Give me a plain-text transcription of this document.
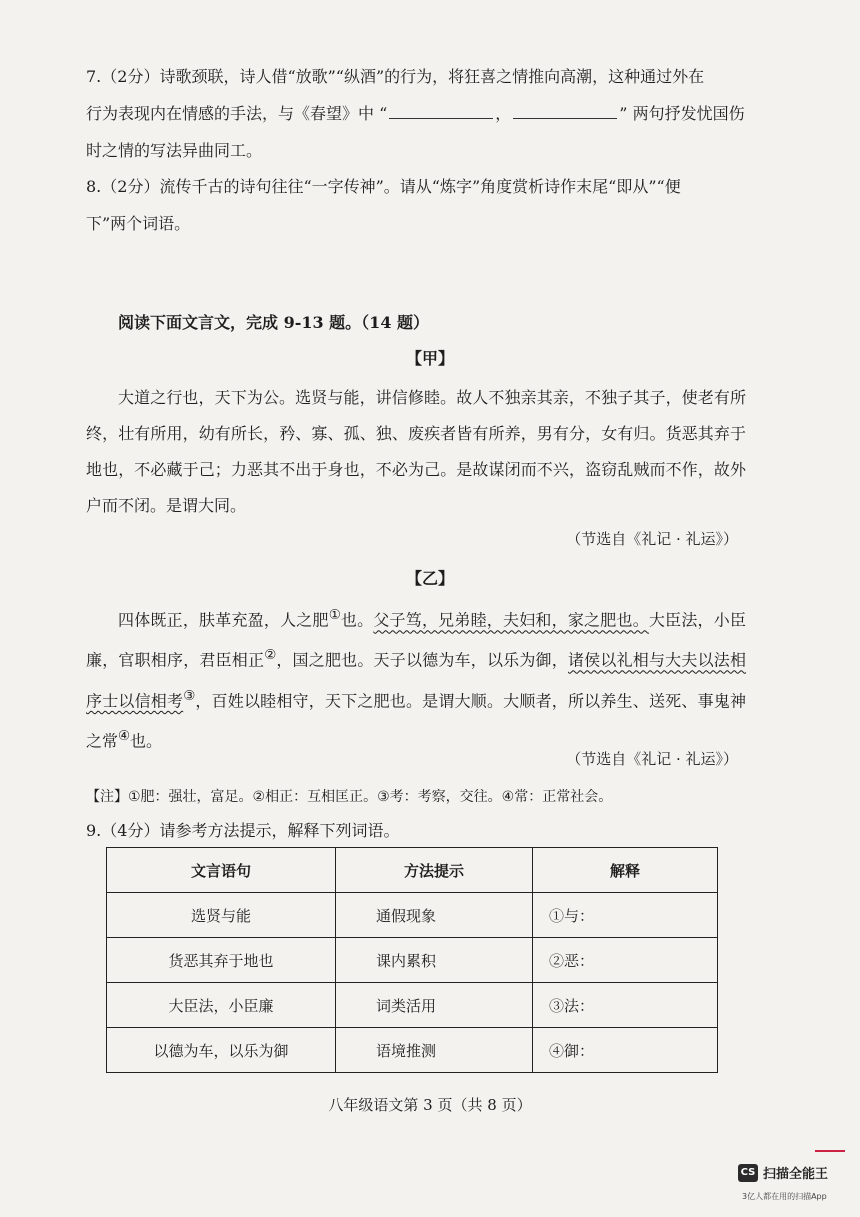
7.（2分）诗歌颈联，诗人借“放歌”“纵酒”的行为，将狂喜之情推向高潮，这种通过外在
行为表现内在情感的手法，与《春望》中 “	，	” 两句抒发忧国伤
时之情的写法异曲同工。
8.（2分）流传千古的诗句往往“一字传神”。请从“炼字”角度赏析诗作末尾“即从”“便
下”两个词语。
阅读下面文言文，完成 9-13 题。（14 题）
【甲】
大道之行也，天下为公。选贤与能，讲信修睦。故人不独亲其亲，不独子其子，使老有所终，壮有所用，幼有所长，矜、寡、孤、独、废疾者皆有所养，男有分，女有归。货恶其弃于地也，不必藏于己；力恶其不出于身也，不必为己。是故谋闭而不兴，盗窃乱贼而不作，故外户而不闭。是谓大同。
（节选自《礼记 · 礼运》）
【乙】
四体既正，肤革充盈，人之肥①也。父子笃，兄弟睦，夫妇和，家之肥也。大臣法，小臣廉，官职相序，君臣相正②，国之肥也。天子以德为车，以乐为御，诸侯以礼相与大夫以法相序士以信相考③，百姓以睦相守，天下之肥也。是谓大顺。大顺者，所以养生、送死、事鬼神之常④也。
（节选自《礼记 · 礼运》）
【注】①肥：强壮，富足。②相正：互相匡正。③考：考察，交往。④常：正常社会。
9.（4分）请参考方法提示，解释下列词语。
文言语句	方法提示	解释
选贤与能	通假现象	①与：
货恶其弃于地也	课内累积	②恶：
大臣法，小臣廉	词类活用	③法：
以德为车，以乐为御	语境推测	④御：
八年级语文第 3 页（共 8 页）
CS 扫描全能王
3亿人都在用的扫描App
